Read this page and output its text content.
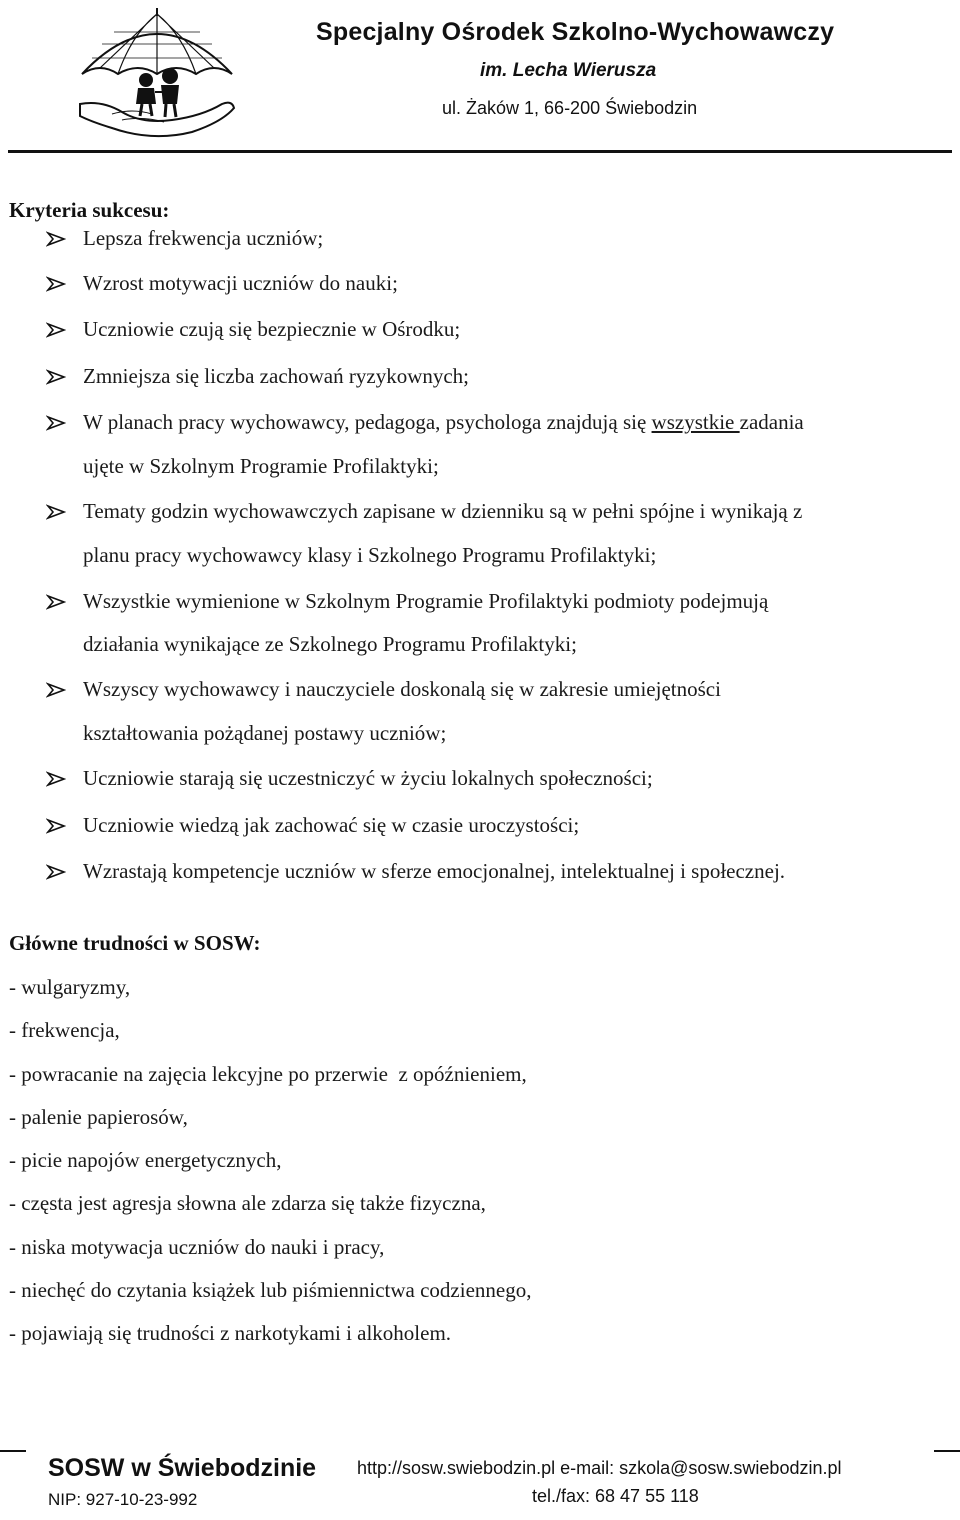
Specjalny Ośrodek Szkolno-Wychowawczy
im. Lecha Wierusza
ul. Żaków 1, 66-200 Świebodzin
Kryteria sukcesu:
Lepsza frekwencja uczniów;
Wzrost motywacji uczniów do nauki;
Uczniowie czują się bezpiecznie w Ośrodku;
Zmniejsza się liczba zachowań ryzykownych;
W planach pracy wychowawcy, pedagoga, psychologa znajdują się wszystkie zadania
ujęte w Szkolnym Programie Profilaktyki;
Tematy godzin wychowawczych zapisane w dzienniku są w pełni spójne i wynikają z
planu pracy wychowawcy klasy i Szkolnego Programu Profilaktyki;
Wszystkie wymienione w Szkolnym Programie Profilaktyki podmioty podejmują
działania wynikające ze Szkolnego Programu Profilaktyki;
Wszyscy wychowawcy i nauczyciele doskonalą się w zakresie umiejętności
kształtowania pożądanej postawy uczniów;
Uczniowie starają się uczestniczyć w życiu lokalnych społeczności;
Uczniowie wiedzą jak zachować się w czasie uroczystości;
Wzrastają kompetencje uczniów w sferze emocjonalnej, intelektualnej i społecznej.
Główne trudności w SOSW:
- wulgaryzmy,
- frekwencja,
- powracanie na zajęcia lekcyjne po przerwie  z opóźnieniem,
- palenie papierosów,
- picie napojów energetycznych,
- częsta jest agresja słowna ale zdarza się także fizyczna,
- niska motywacja uczniów do nauki i pracy,
- niechęć do czytania książek lub piśmiennictwa codziennego,
- pojawiają się trudności z narkotykami i alkoholem.
SOSW w Świebodzinie
NIP: 927-10-23-992
http://sosw.swiebodzin.pl e-mail: szkola@sosw.swiebodzin.pl
tel./fax: 68 47 55 118
